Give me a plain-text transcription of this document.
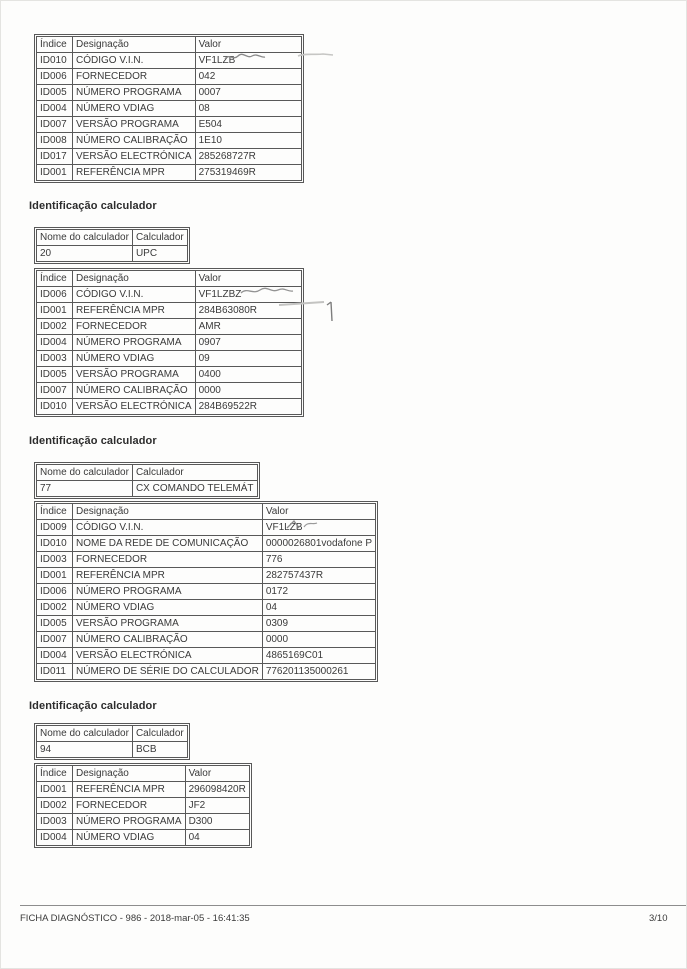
Índice	Designação	Valor
ID010	CÓDIGO V.I.N.	VF1LZB
ID006	FORNECEDOR	042
ID005	NÚMERO PROGRAMA	0007
ID004	NÚMERO VDIAG	08
ID007	VERSÃO PROGRAMA	E504
ID008	NÚMERO CALIBRAÇÃO	1E10
ID017	VERSÃO ELECTRÓNICA	285268727R
ID001	REFERÊNCIA MPR	275319469R
Identificação calculador
Nome do calculador	Calculador
20	UPC
Índice	Designação	Valor
ID006	CÓDIGO V.I.N.	VF1LZBZ
ID001	REFERÊNCIA MPR	284B63080R
ID002	FORNECEDOR	AMR
ID004	NÚMERO PROGRAMA	0907
ID003	NÚMERO VDIAG	09
ID005	VERSÃO PROGRAMA	0400
ID007	NÚMERO CALIBRAÇÃO	0000
ID010	VERSÃO ELECTRÓNICA	284B69522R
Identificação calculador
Nome do calculador	Calculador
77	CX COMANDO TELEMÁT
Índice	Designação	Valor
ID009	CÓDIGO V.I.N.	VF1LZB
ID010	NOME DA REDE DE COMUNICAÇÃO	0000026801vodafone P
ID003	FORNECEDOR	776
ID001	REFERÊNCIA MPR	282757437R
ID006	NÚMERO PROGRAMA	0172
ID002	NÚMERO VDIAG	04
ID005	VERSÃO PROGRAMA	0309
ID007	NÚMERO CALIBRAÇÃO	0000
ID004	VERSÃO ELECTRÓNICA	4865169C01
ID011	NÚMERO DE SÉRIE DO CALCULADOR	776201135000261
Identificação calculador
Nome do calculador	Calculador
94	BCB
Índice	Designação	Valor
ID001	REFERÊNCIA MPR	296098420R
ID002	FORNECEDOR	JF2
ID003	NÚMERO PROGRAMA	D300
ID004	NÚMERO VDIAG	04
FICHA DIAGNÓSTICO - 986 - 2018-mar-05 - 16:41:35	3/10
